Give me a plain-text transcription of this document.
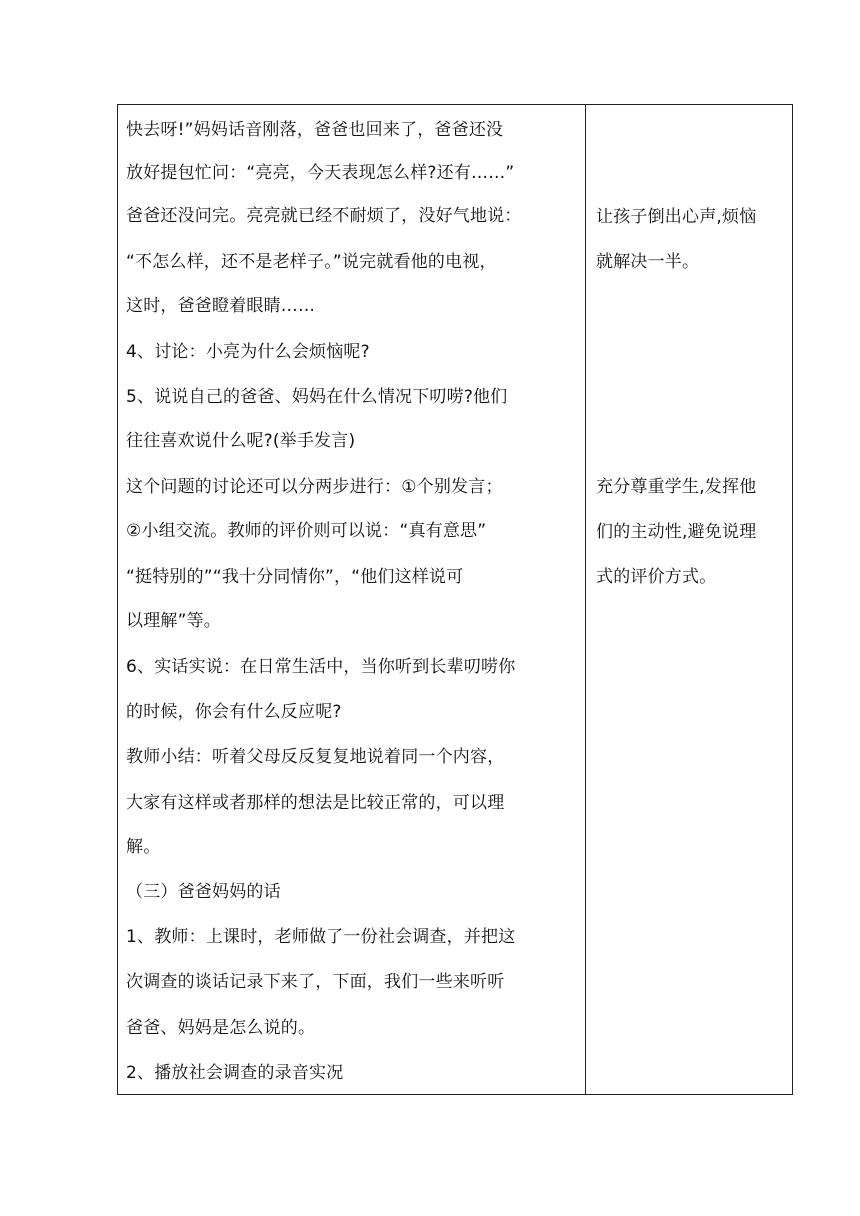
快去呀!”妈妈话音刚落，爸爸也回来了，爸爸还没
放好提包忙问：“亮亮，今天表现怎么样?还有……”
爸爸还没问完。亮亮就已经不耐烦了，没好气地说：
“不怎么样，还不是老样子。”说完就看他的电视，
这时，爸爸瞪着眼睛……
4、讨论：小亮为什么会烦恼呢?
5、说说自己的爸爸、妈妈在什么情况下叨唠?他们
往往喜欢说什么呢?(举手发言)
这个问题的讨论还可以分两步进行：①个别发言；
②小组交流。教师的评价则可以说：“真有意思”
“挺特别的”“我十分同情你”，“他们这样说可
以理解”等。
6、实话实说：在日常生活中，当你听到长辈叨唠你
的时候，你会有什么反应呢?
教师小结：听着父母反反复复地说着同一个内容，
大家有这样或者那样的想法是比较正常的，可以理
解。
（三）爸爸妈妈的话
1、教师：上课时，老师做了一份社会调查，并把这
次调查的谈话记录下来了，下面，我们一些来听听
爸爸、妈妈是怎么说的。
2、播放社会调查的录音实况
让孩子倒出心声,烦恼
就解决一半。
充分尊重学生,发挥他
们的主动性,避免说理
式的评价方式。
